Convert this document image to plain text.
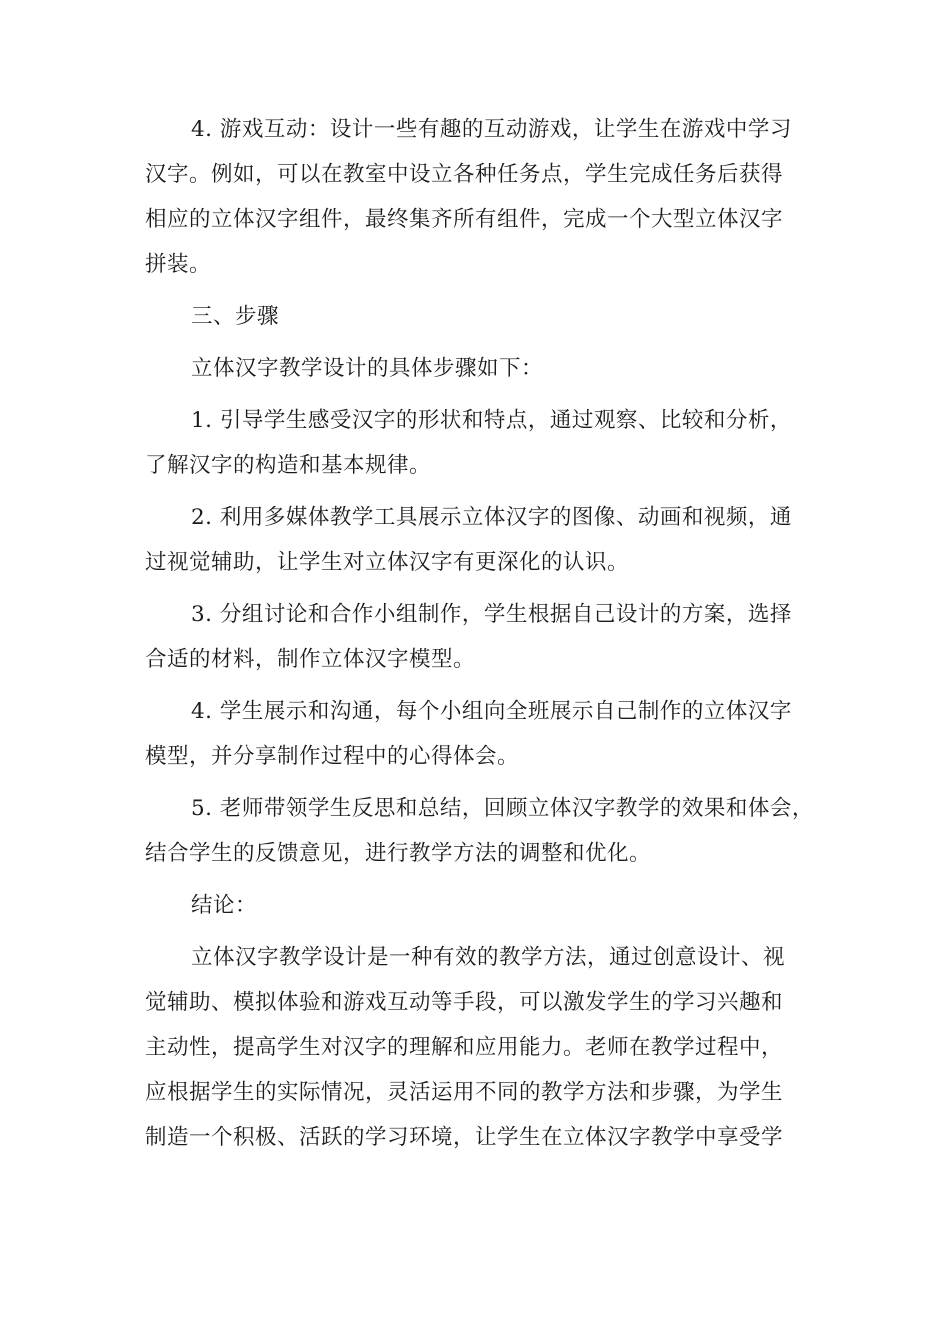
4. 游戏互动：设计一些有趣的互动游戏，让学生在游戏中学习
汉字。例如，可以在教室中设立各种任务点，学生完成任务后获得
相应的立体汉字组件，最终集齐所有组件，完成一个大型立体汉字
拼装。
三、步骤
立体汉字教学设计的具体步骤如下：
1. 引导学生感受汉字的形状和特点，通过观察、比较和分析，
了解汉字的构造和基本规律。
2. 利用多媒体教学工具展示立体汉字的图像、动画和视频，通
过视觉辅助，让学生对立体汉字有更深化的认识。
3. 分组讨论和合作小组制作，学生根据自己设计的方案，选择
合适的材料，制作立体汉字模型。
4. 学生展示和沟通，每个小组向全班展示自己制作的立体汉字
模型，并分享制作过程中的心得体会。
5. 老师带领学生反思和总结，回顾立体汉字教学的效果和体会，
结合学生的反馈意见，进行教学方法的调整和优化。
结论：
立体汉字教学设计是一种有效的教学方法，通过创意设计、视
觉辅助、模拟体验和游戏互动等手段，可以激发学生的学习兴趣和
主动性，提高学生对汉字的理解和应用能力。老师在教学过程中，
应根据学生的实际情况，灵活运用不同的教学方法和步骤，为学生
制造一个积极、活跃的学习环境，让学生在立体汉字教学中享受学
